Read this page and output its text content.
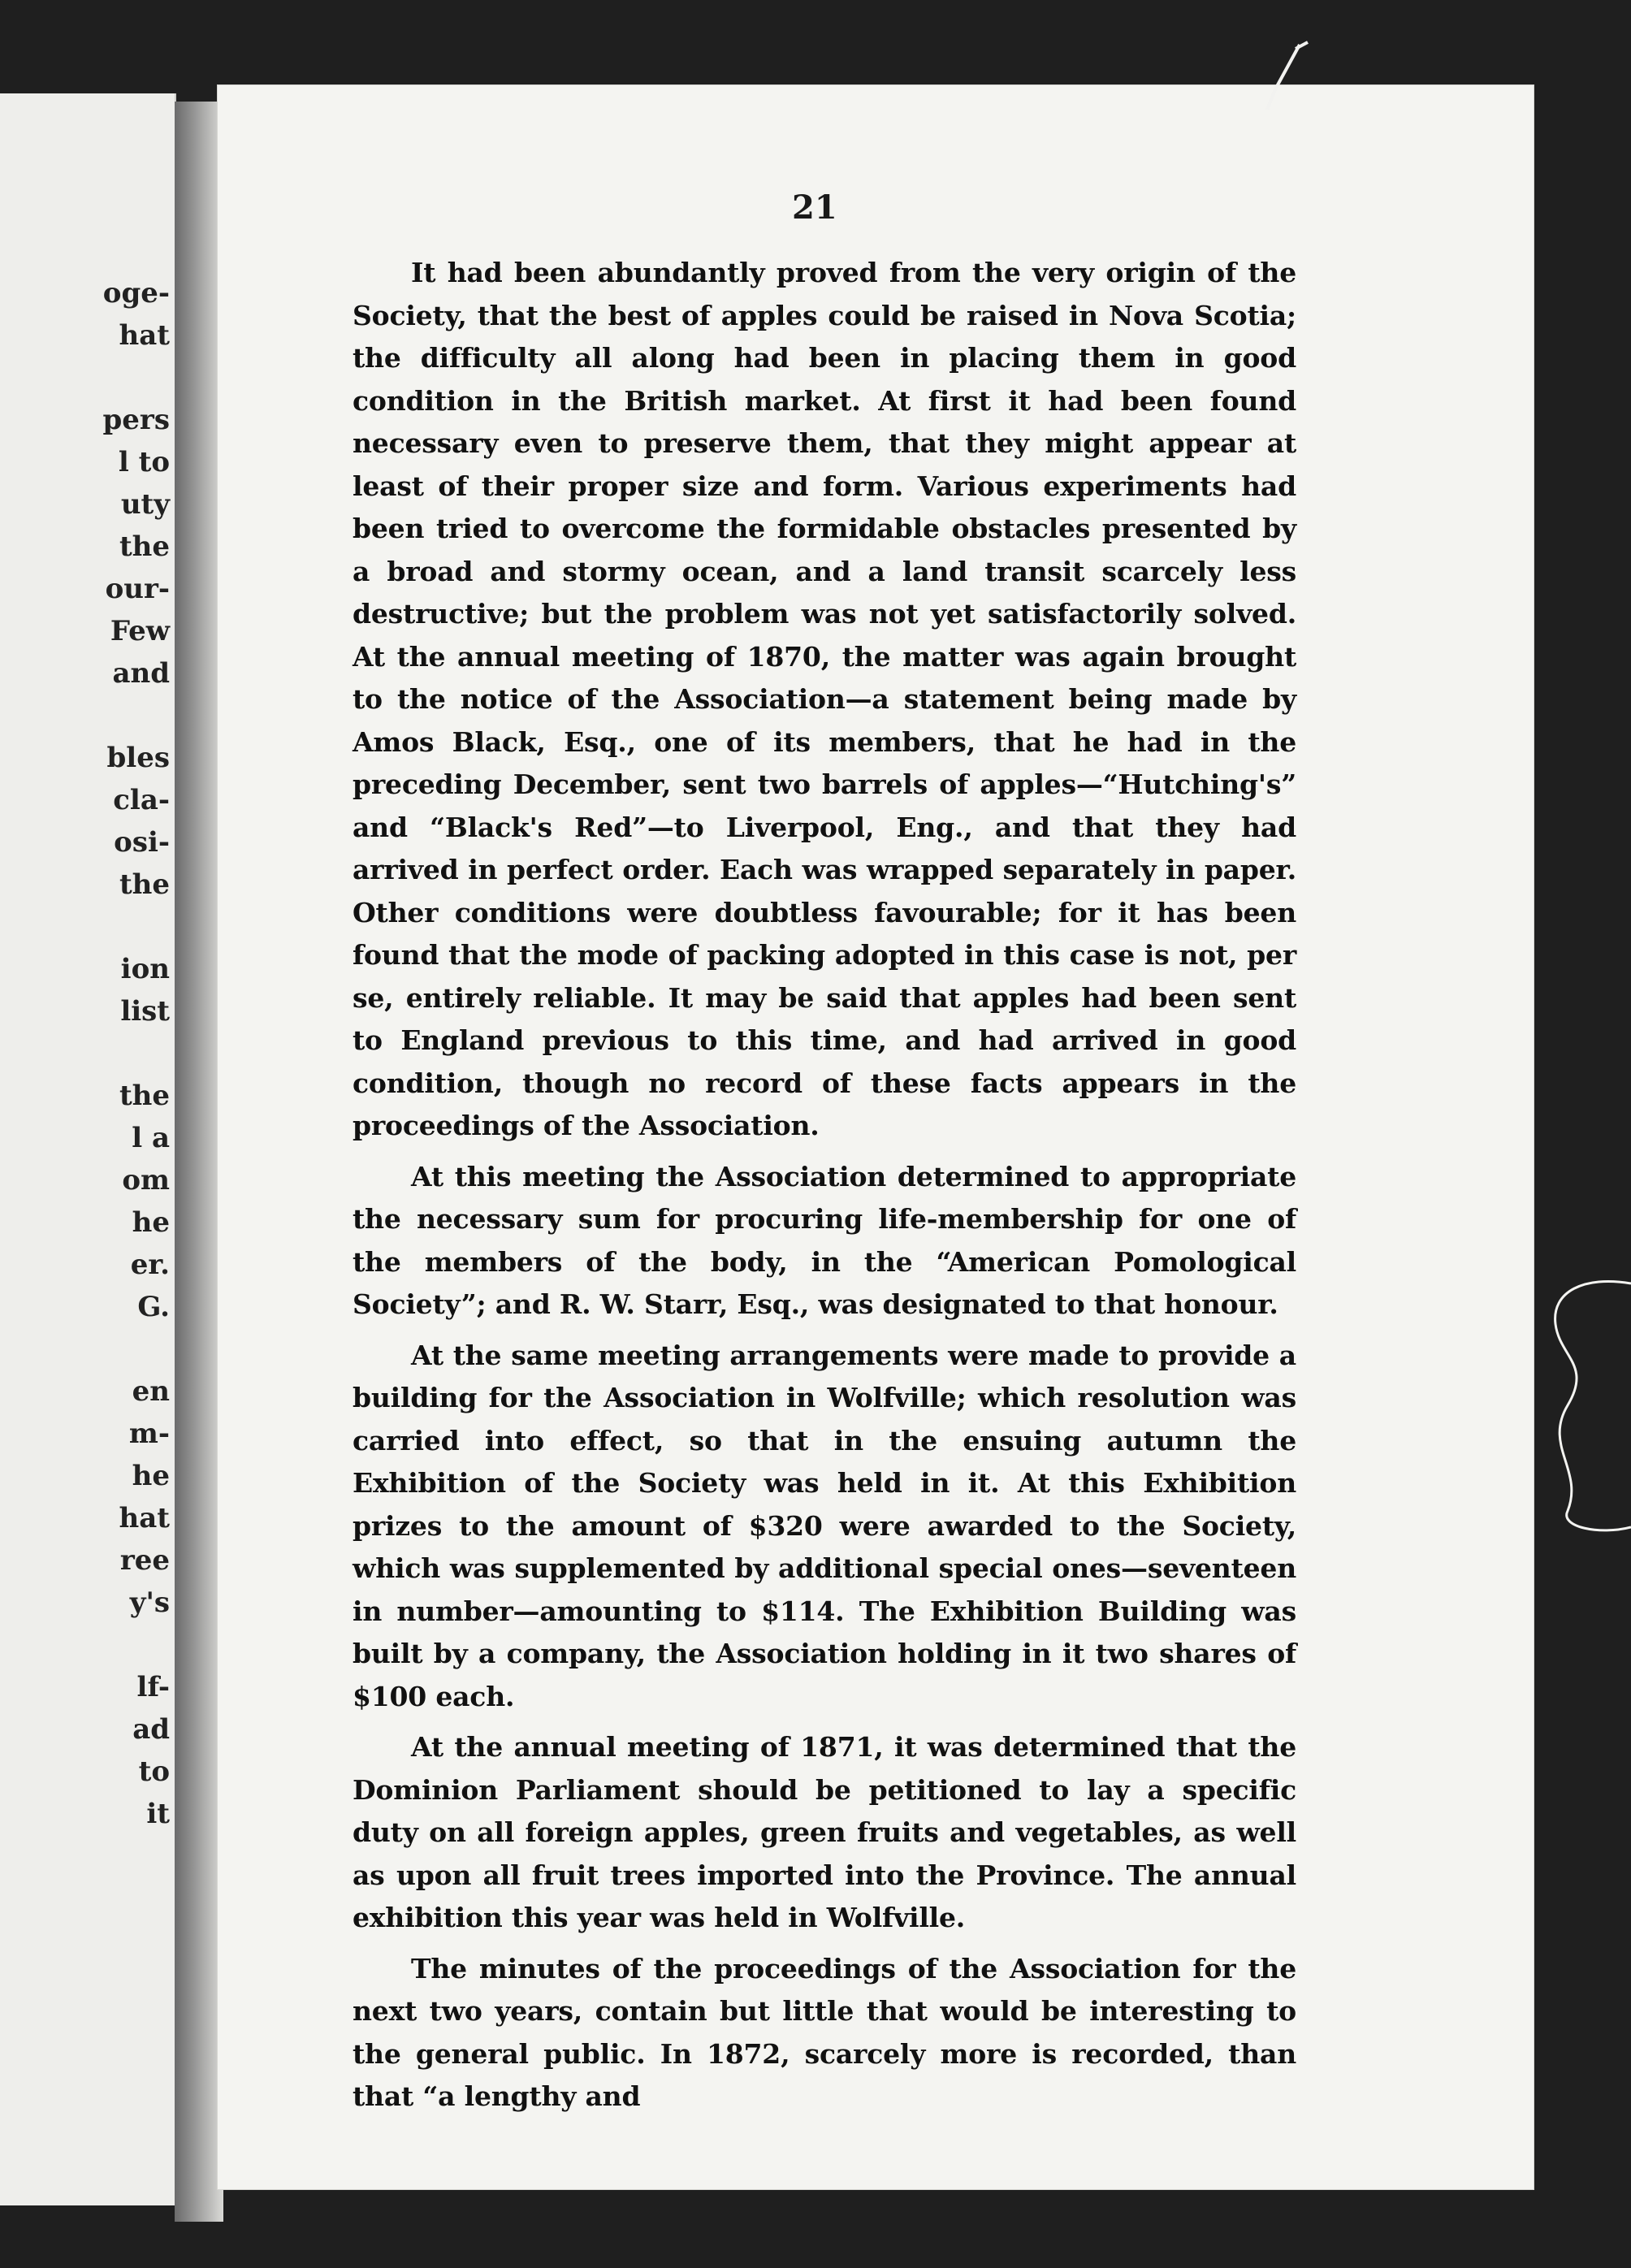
oge-
hat

pers
l to
uty
the
our-
Few
and

bles
cla-
osi-
the

ion
list

the
l a
om
he
er.
G.

en
m-
he
hat
ree
y's

lf-
ad
to
it
21

It had been abundantly proved from the very origin of the Society, that the best of apples could be raised in Nova Scotia; the difficulty all along had been in placing them in good condition in the British market. At first it had been found necessary even to preserve them, that they might appear at least of their proper size and form. Various experiments had been tried to overcome the formidable obstacles presented by a broad and stormy ocean, and a land transit scarcely less destructive; but the problem was not yet satisfactorily solved. At the annual meeting of 1870, the matter was again brought to the notice of the Association—a statement being made by Amos Black, Esq., one of its members, that he had in the preceding December, sent two barrels of apples—“Hutching's” and “Black's Red”—to Liverpool, Eng., and that they had arrived in perfect order. Each was wrapped separately in paper. Other conditions were doubtless favourable; for it has been found that the mode of packing adopted in this case is not, per se, entirely reliable. It may be said that apples had been sent to England previous to this time, and had arrived in good condition, though no record of these facts appears in the proceedings of the Association.

At this meeting the Association determined to appropriate the necessary sum for procuring life-membership for one of the members of the body, in the “American Pomological Society”; and R. W. Starr, Esq., was designated to that honour.

At the same meeting arrangements were made to provide a building for the Association in Wolfville; which resolution was carried into effect, so that in the ensuing autumn the Exhibition of the Society was held in it. At this Exhibition prizes to the amount of $320 were awarded to the Society, which was supplemented by additional special ones—seventeen in number—amounting to $114. The Exhibition Building was built by a company, the Association holding in it two shares of $100 each.

At the annual meeting of 1871, it was determined that the Dominion Parliament should be petitioned to lay a specific duty on all foreign apples, green fruits and vegetables, as well as upon all fruit trees imported into the Province. The annual exhibition this year was held in Wolfville.

The minutes of the proceedings of the Association for the next two years, contain but little that would be interesting to the general public. In 1872, scarcely more is recorded, than that “a lengthy and
